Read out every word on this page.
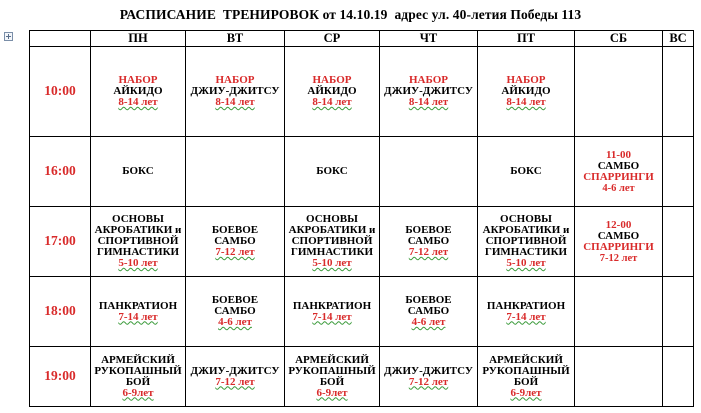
РАСПИСАНИЕ  ТРЕНИРОВОК от 14.10.19  адрес ул. 40-летия Победы 113
	ПН	ВТ	СР	ЧТ	ПТ	СБ	ВС
10:00	НАБОР
АЙКИДО
8-14 лет	НАБОР
ДЖИУ-ДЖИТСУ
8-14 лет	НАБОР
АЙКИДО
8-14 лет	НАБОР
ДЖИУ-ДЖИТСУ
8-14 лет	НАБОР
АЙКИДО
8-14 лет		

16:00	БОКС		БОКС		БОКС	11-00
САМБО
СПАРРИНГИ
4-6 лет	

17:00	ОСНОВЫ
АКРОБАТИКИ и
СПОРТИВНОЙ
ГИМНАСТИКИ
5-10 лет	БОЕВОЕ
САМБО
7-12 лет	ОСНОВЫ
АКРОБАТИКИ и
СПОРТИВНОЙ
ГИМНАСТИКИ
5-10 лет	БОЕВОЕ
САМБО
7-12 лет	ОСНОВЫ
АКРОБАТИКИ и
СПОРТИВНОЙ
ГИМНАСТИКИ
5-10 лет	12-00
САМБО
СПАРРИНГИ
7-12 лет	

18:00	ПАНКРАТИОН
7-14 лет	БОЕВОЕ
САМБО
4-6 лет	ПАНКРАТИОН
7-14 лет	БОЕВОЕ
САМБО
4-6 лет	ПАНКРАТИОН
7-14 лет		

19:00	АРМЕЙСКИЙ
РУКОПАШНЫЙ
БОЙ
6-9лет	ДЖИУ-ДЖИТСУ
7-12 лет	АРМЕЙСКИЙ
РУКОПАШНЫЙ
БОЙ
6-9лет	ДЖИУ-ДЖИТСУ
7-12 лет	АРМЕЙСКИЙ
РУКОПАШНЫЙ
БОЙ
6-9лет		
